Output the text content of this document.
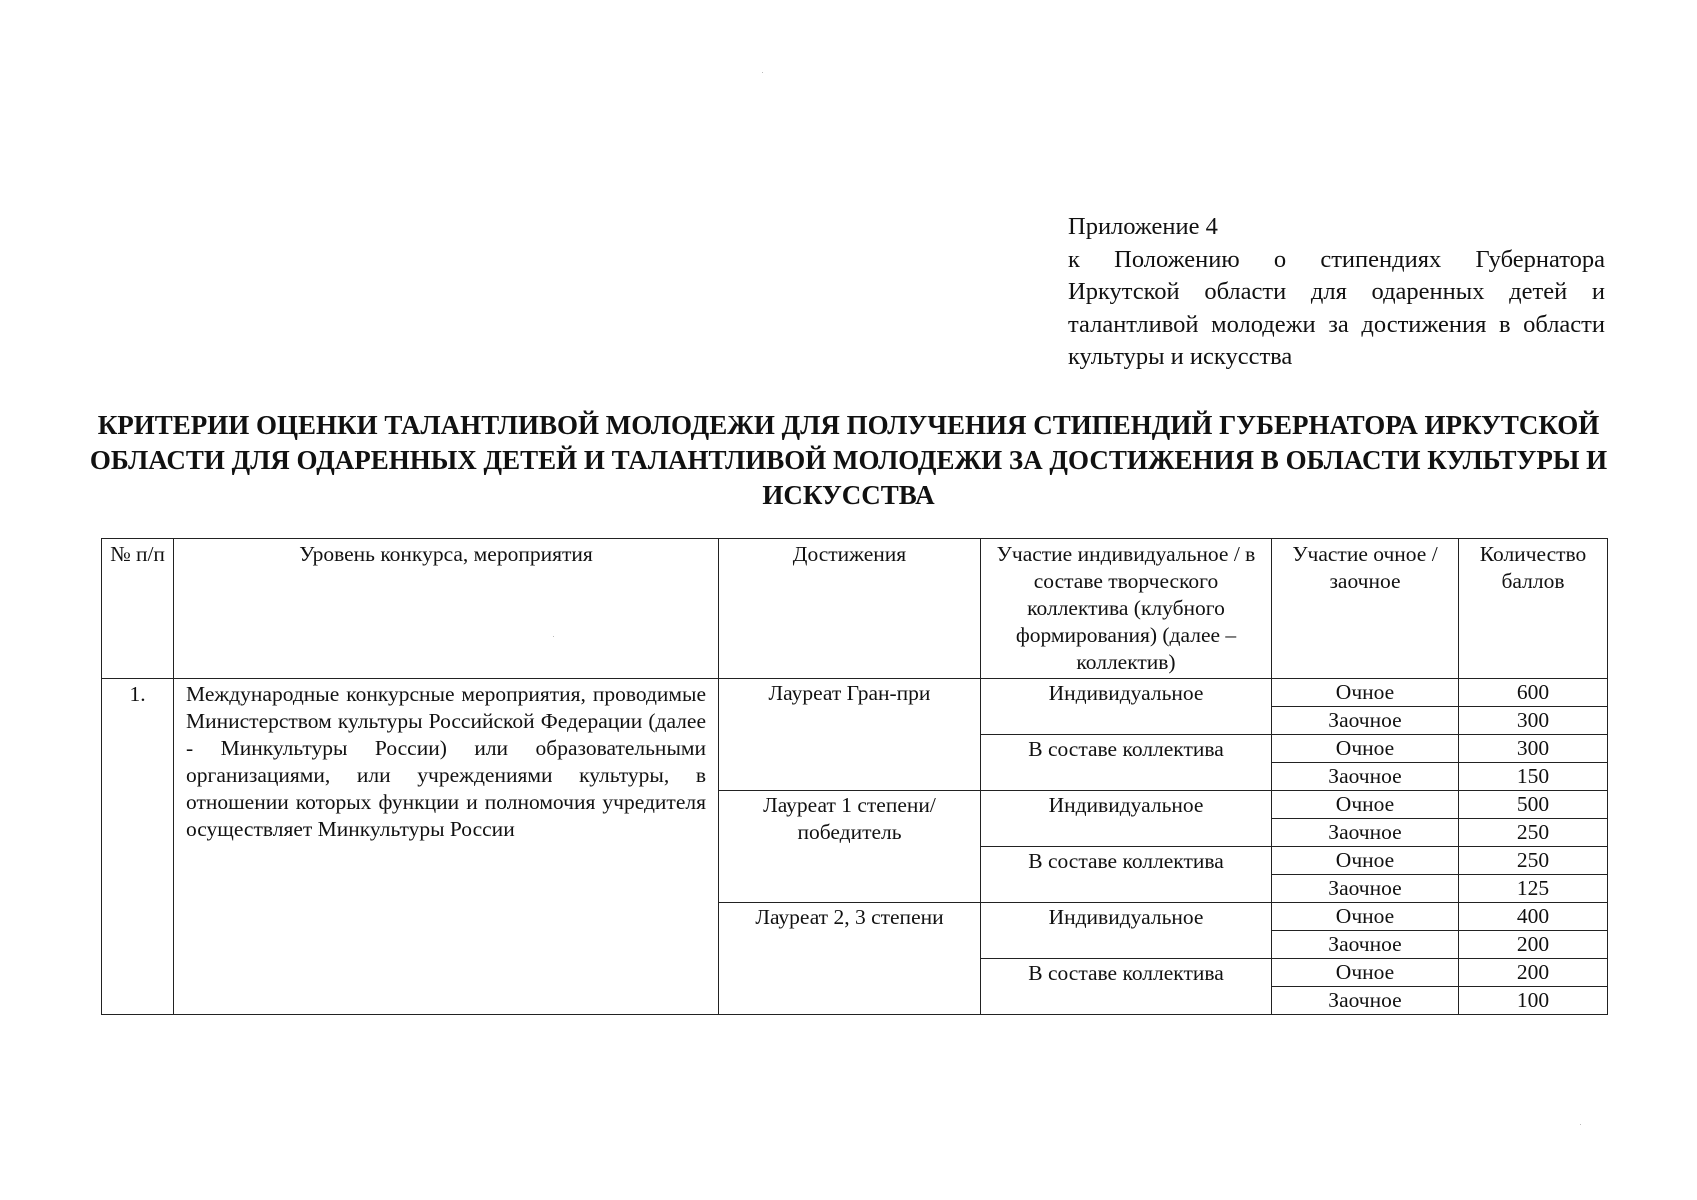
Приложение 4
к Положению о стипендиях Губернатора Иркутской области для одаренных детей и талантливой молодежи за достижения в области культуры и искусства
КРИТЕРИИ ОЦЕНКИ ТАЛАНТЛИВОЙ МОЛОДЕЖИ ДЛЯ ПОЛУЧЕНИЯ СТИПЕНДИЙ ГУБЕРНАТОРА ИРКУТСКОЙ ОБЛАСТИ ДЛЯ ОДАРЕННЫХ ДЕТЕЙ И ТАЛАНТЛИВОЙ МОЛОДЕЖИ ЗА ДОСТИЖЕНИЯ В ОБЛАСТИ КУЛЬТУРЫ И ИСКУССТВА
№ п/п	Уровень конкурса, мероприятия	Достижения	Участие индивидуальное / в составе творческого коллектива (клубного формирования) (далее – коллектив)	Участие очное / заочное	Количество баллов
1.	Международные конкурсные мероприятия, проводимые Министерством культуры Российской Федерации (далее - Минкультуры России) или образовательными организациями, или учреждениями культуры, в отношении которых функции и полномочия учредителя осуществляет Минкультуры России	Лауреат Гран-при	Индивидуальное	Очное	600
				Заочное	300
			В составе коллектива	Очное	300
				Заочное	150
		Лауреат 1 степени/ победитель	Индивидуальное	Очное	500
				Заочное	250
			В составе коллектива	Очное	250
				Заочное	125
		Лауреат 2, 3 степени	Индивидуальное	Очное	400
				Заочное	200
			В составе коллектива	Очное	200
				Заочное	100
